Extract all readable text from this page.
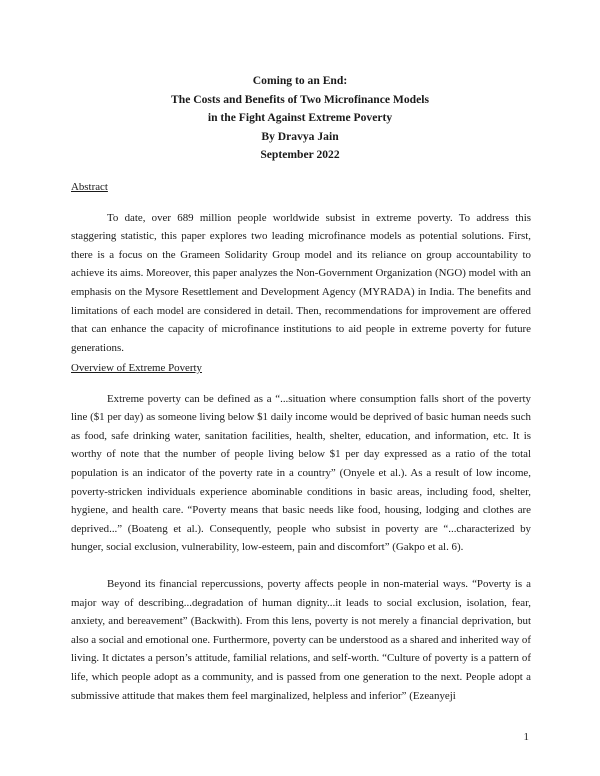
Coming to an End:
The Costs and Benefits of Two Microfinance Models
in the Fight Against Extreme Poverty
By Dravya Jain
September 2022
Abstract

To date, over 689 million people worldwide subsist in extreme poverty. To address this staggering statistic, this paper explores two leading microfinance models as potential solutions. First, there is a focus on the Grameen Solidarity Group model and its reliance on group accountability to achieve its aims. Moreover, this paper analyzes the Non-Government Organization (NGO) model with an emphasis on the Mysore Resettlement and Development Agency (MYRADA) in India. The benefits and limitations of each model are considered in detail. Then, recommendations for improvement are offered that can enhance the capacity of microfinance institutions to aid people in extreme poverty for future generations.

Overview of Extreme Poverty

Extreme poverty can be defined as a “...situation where consumption falls short of the poverty line ($1 per day) as someone living below $1 daily income would be deprived of basic human needs such as food, safe drinking water, sanitation facilities, health, shelter, education, and information, etc. It is worthy of note that the number of people living below $1 per day expressed as a ratio of the total population is an indicator of the poverty rate in a country” (Onyele et al.). As a result of low income, poverty-stricken individuals experience abominable conditions in basic areas, including food, shelter, hygiene, and health care. “Poverty means that basic needs like food, housing, lodging and clothes are deprived...” (Boateng et al.). Consequently, people who subsist in poverty are “...characterized by hunger, social exclusion, vulnerability, low-esteem, pain and discomfort” (Gakpo et al. 6).

Beyond its financial repercussions, poverty affects people in non-material ways. “Poverty is a major way of describing...degradation of human dignity...it leads to social exclusion, isolation, fear, anxiety, and bereavement” (Backwith). From this lens, poverty is not merely a financial deprivation, but also a social and emotional one. Furthermore, poverty can be understood as a shared and inherited way of living. It dictates a person’s attitude, familial relations, and self-worth. “Culture of poverty is a pattern of life, which people adopt as a community, and is passed from one generation to the next. People adopt a submissive attitude that makes them feel marginalized, helpless and inferior” (Ezeanyeji

1
